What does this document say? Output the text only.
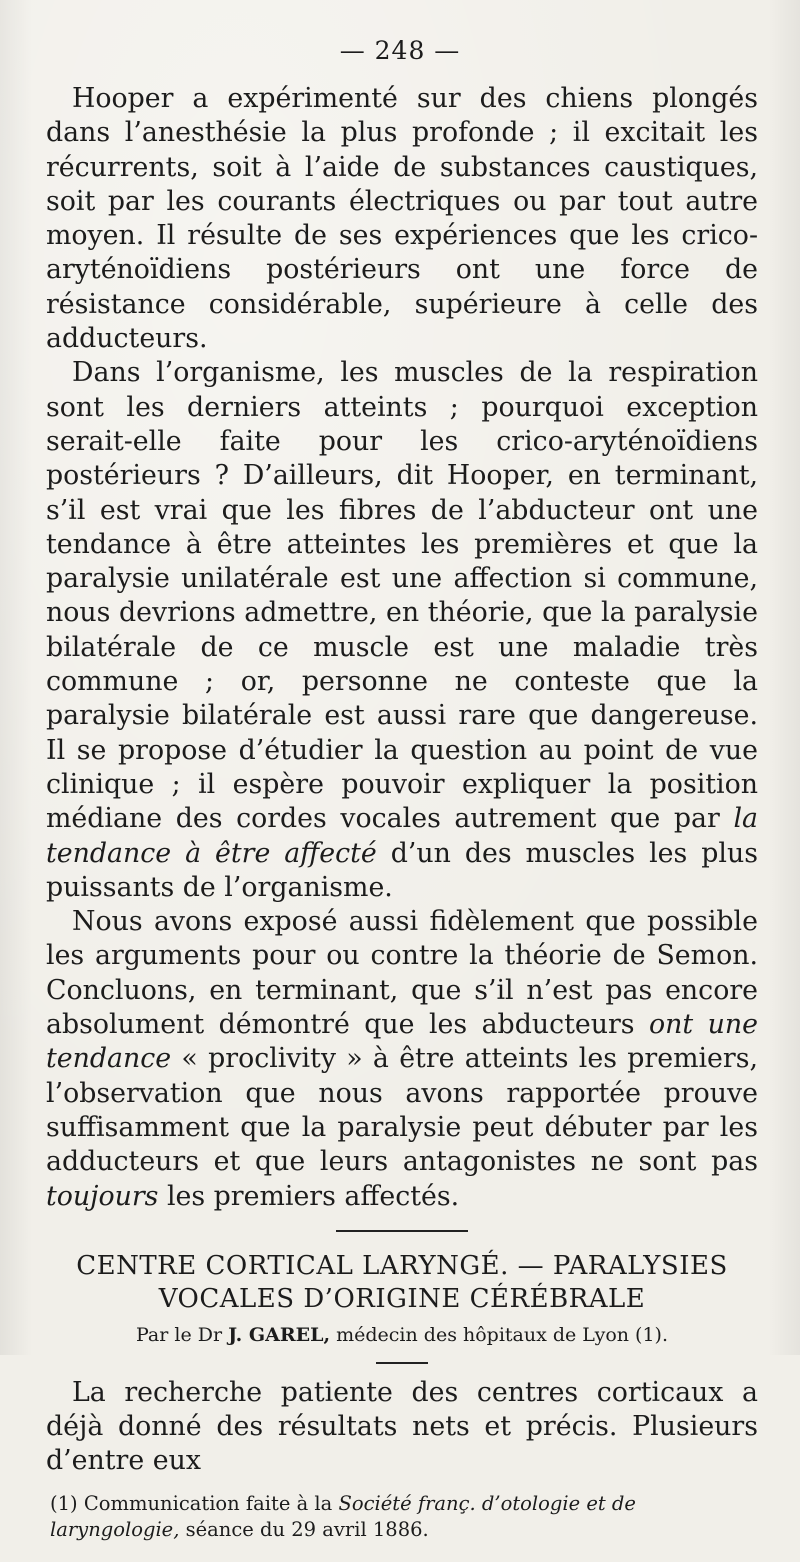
— 248 —

Hooper a expérimenté sur des chiens plongés dans l’anesthésie la plus profonde ; il excitait les récurrents, soit à l’aide de substances caustiques, soit par les courants électriques ou par tout autre moyen. Il résulte de ses expériences que les crico-aryténoïdiens postérieurs ont une force de résistance considérable, supérieure à celle des adducteurs.

Dans l’organisme, les muscles de la respiration sont les derniers atteints ; pourquoi exception serait-elle faite pour les crico-aryténoïdiens postérieurs ? D’ailleurs, dit Hooper, en terminant, s’il est vrai que les fibres de l’abducteur ont une tendance à être atteintes les premières et que la paralysie unilatérale est une affection si commune, nous devrions admettre, en théorie, que la paralysie bilatérale de ce muscle est une maladie très commune ; or, personne ne conteste que la paralysie bilatérale est aussi rare que dangereuse. Il se propose d’étudier la question au point de vue clinique ; il espère pouvoir expliquer la position médiane des cordes vocales autrement que par la tendance à être affecté d’un des muscles les plus puissants de l’organisme.

Nous avons exposé aussi fidèlement que possible les arguments pour ou contre la théorie de Semon. Concluons, en terminant, que s’il n’est pas encore absolument démontré que les abducteurs ont une tendance « proclivity » à être atteints les premiers, l’observation que nous avons rapportée prouve suffisamment que la paralysie peut débuter par les adducteurs et que leurs antagonistes ne sont pas toujours les premiers affectés.

CENTRE CORTICAL LARYNGÉ. — PARALYSIES

VOCALES D’ORIGINE CÉRÉBRALE

Par le Dr J. GAREL, médecin des hôpitaux de Lyon (1).

La recherche patiente des centres corticaux a déjà donné des résultats nets et précis. Plusieurs d’entre eux

(1) Communication faite à la Société franç. d’otologie et de laryngologie, séance du 29 avril 1886.
